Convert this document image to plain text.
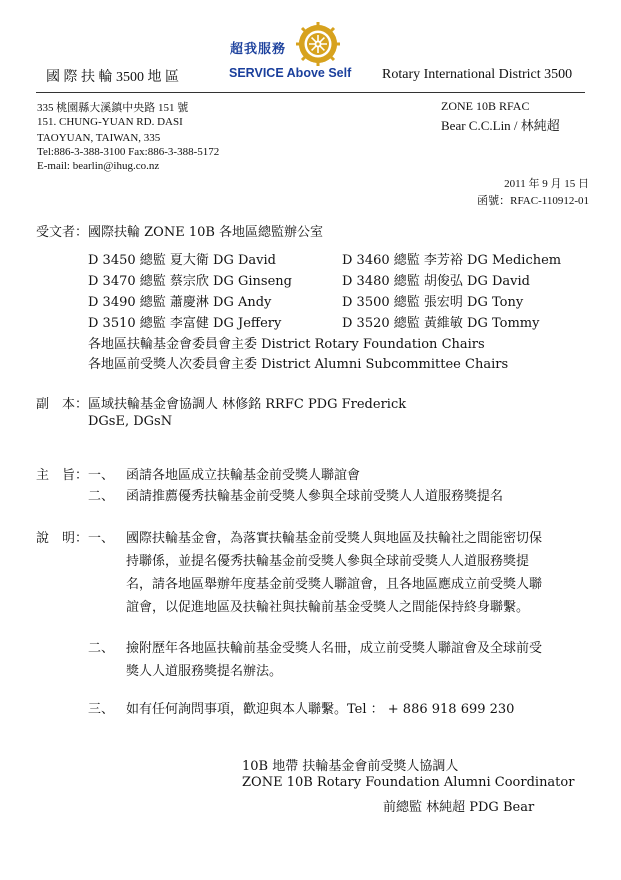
國 際 扶 輪 3500 地 區
超我服務
SERVICE Above Self Rotary International District 3500
335 桃園縣大溪鎮中央路 151 號
151. CHUNG-YUAN RD. DASI
TAOYUAN, TAIWAN, 335
Tel:886-3-388-3100 Fax:886-3-388-5172
E-mail: bearlin@ihug.co.nz
ZONE 10B RFAC
Bear C.C.Lin / 林純超
2011 年 9 月 15 日
函號：RFAC-110912-01
受文者： 國際扶輪 ZONE 10B 各地區總監辦公室
D 3450 總監 夏大衛 DG David	D 3460 總監 李芳裕 DG Medichem
D 3470 總監 蔡宗欣 DG Ginseng	D 3480 總監 胡俊弘 DG David
D 3490 總監 蕭慶淋 DG Andy	D 3500 總監 張宏明 DG Tony
D 3510 總監 李富健 DG Jeffery	D 3520 總監 黃維敏 DG Tommy
各地區扶輪基金會委員會主委 District Rotary Foundation Chairs
各地區前受獎人次委員會主委 District Alumni Subcommittee Chairs
副　本： 區域扶輪基金會協調人 林修銘 RRFC PDG Frederick
DGsE, DGsN
主　旨： 一、 函請各地區成立扶輪基金前受獎人聯誼會
二、 函請推薦優秀扶輪基金前受獎人參與全球前受獎人人道服務獎提名
說　明： 一、 國際扶輪基金會，為落實扶輪基金前受獎人與地區及扶輪社之間能密切保
持聯係，並提名優秀扶輪基金前受獎人參與全球前受獎人人道服務獎提
名，請各地區舉辦年度基金前受獎人聯誼會，且各地區應成立前受獎人聯
誼會，以促進地區及扶輪社與扶輪前基金受獎人之間能保持終身聯繫。
二、 撿附歷年各地區扶輪前基金受獎人名冊，成立前受獎人聯誼會及全球前受
獎人人道服務獎提名辦法。
三、 如有任何詢問事項，歡迎與本人聯繫。Tel ： + 886 918 699 230
10B 地帶 扶輪基金會前受獎人協調人
ZONE 10B Rotary Foundation Alumni Coordinator
前總監 林純超 PDG Bear
